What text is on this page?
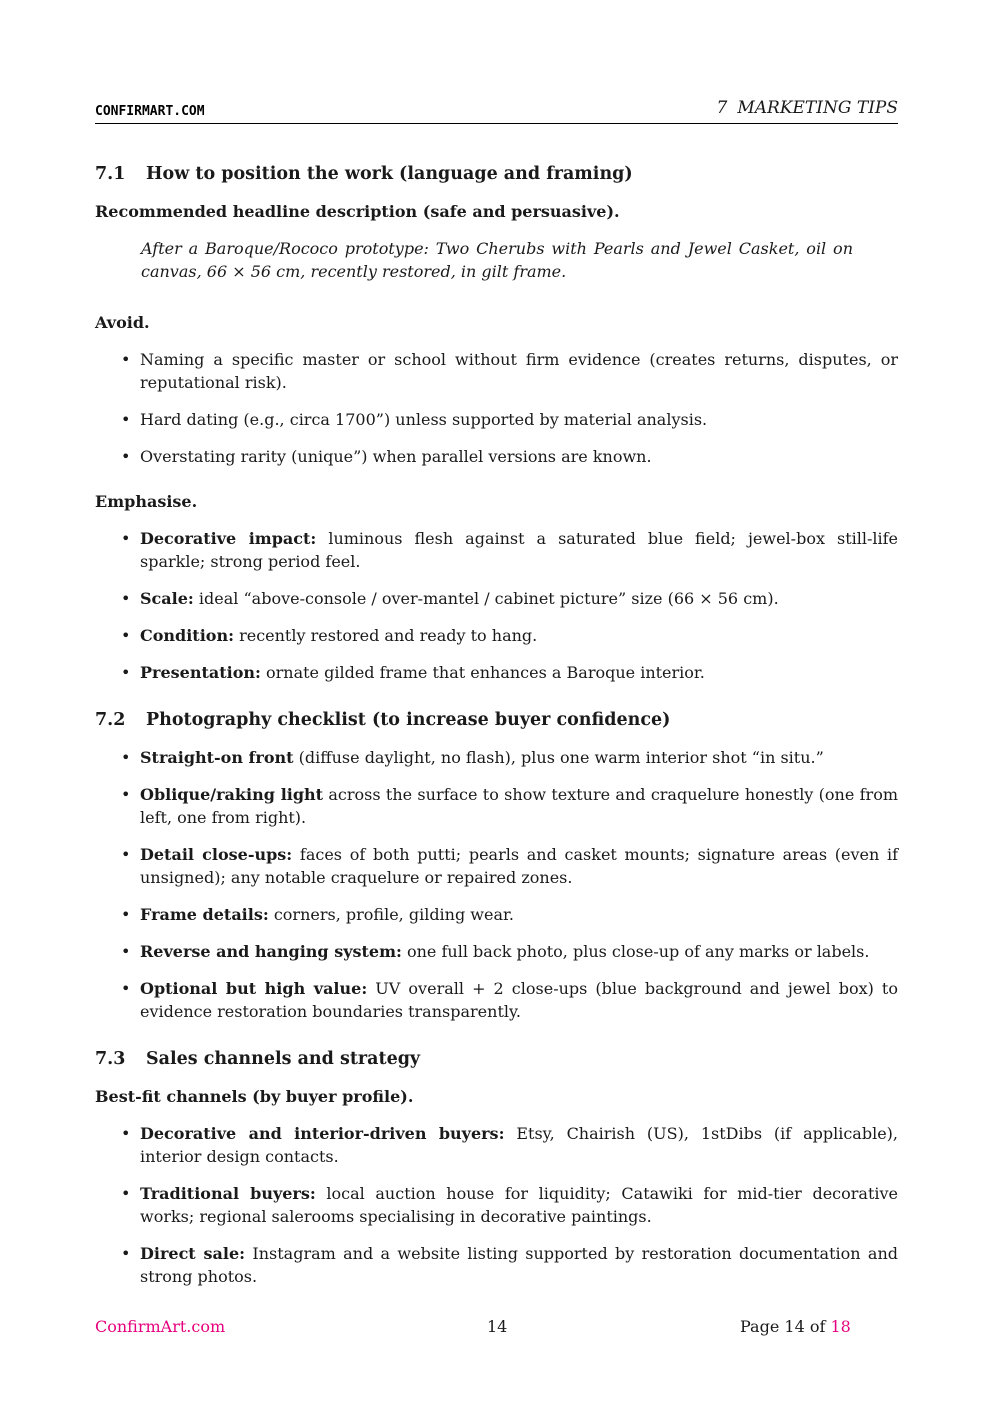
CONFIRMART.COM	7 MARKETING TIPS
7.1 How to position the work (language and framing)

Recommended headline description (safe and persuasive).

After a Baroque/Rococo prototype: Two Cherubs with Pearls and Jewel Casket, oil on canvas, 66 × 56 cm, recently restored, in gilt frame.

Avoid.

• Naming a specific master or school without firm evidence (creates returns, disputes, or reputational risk).
• Hard dating (e.g., circa 1700”) unless supported by material analysis.
• Overstating rarity (unique”) when parallel versions are known.

Emphasise.

• Decorative impact: luminous flesh against a saturated blue field; jewel-box still-life sparkle; strong period feel.
• Scale: ideal “above-console / over-mantel / cabinet picture” size (66 × 56 cm).
• Condition: recently restored and ready to hang.
• Presentation: ornate gilded frame that enhances a Baroque interior.
7.2 Photography checklist (to increase buyer confidence)
• Straight-on front (diffuse daylight, no flash), plus one warm interior shot “in situ.”
• Oblique/raking light across the surface to show texture and craquelure honestly (one from left, one from right).
• Detail close-ups: faces of both putti; pearls and casket mounts; signature areas (even if unsigned); any notable craquelure or repaired zones.
• Frame details: corners, profile, gilding wear.
• Reverse and hanging system: one full back photo, plus close-up of any marks or labels.
• Optional but high value: UV overall + 2 close-ups (blue background and jewel box) to evidence restoration boundaries transparently.
7.3 Sales channels and strategy

Best-fit channels (by buyer profile).

• Decorative and interior-driven buyers: Etsy, Chairish (US), 1stDibs (if applicable), interior design contacts.
• Traditional buyers: local auction house for liquidity; Catawiki for mid-tier decorative works; regional salerooms specialising in decorative paintings.
• Direct sale: Instagram and a website listing supported by restoration documentation and strong photos.
ConfirmArt.com	14	Page 14 of 18
